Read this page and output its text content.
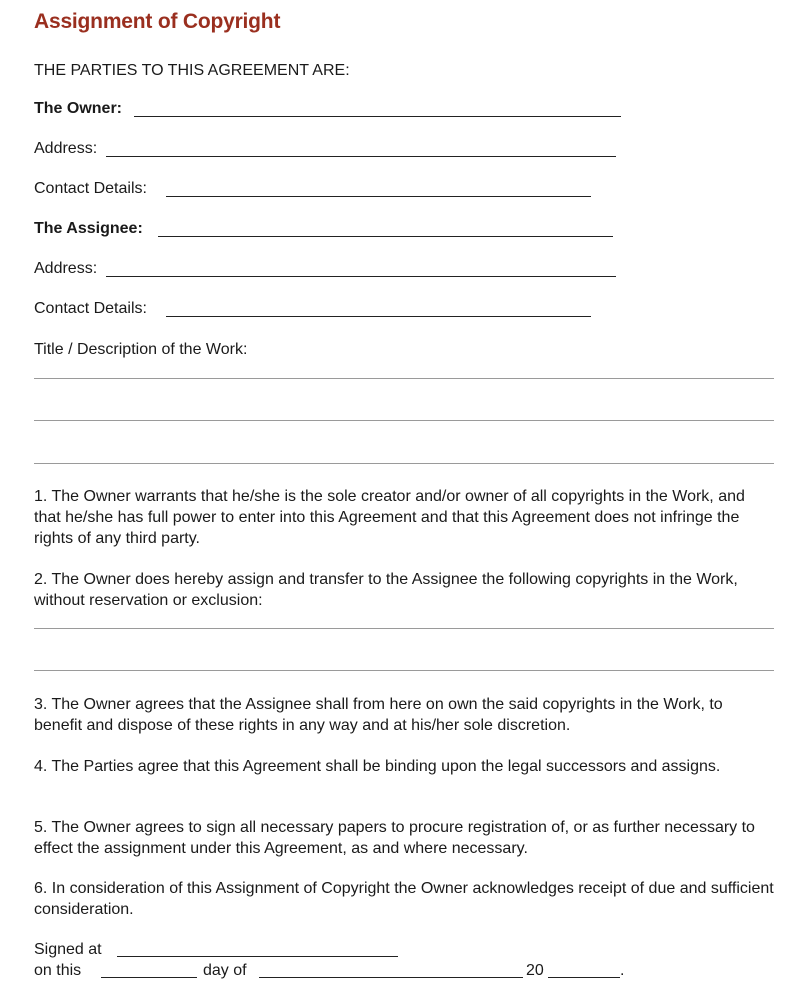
Assignment of Copyright
THE PARTIES TO THIS AGREEMENT ARE:
The Owner:
Address:
Contact Details:
The Assignee:
Address:
Contact Details:
Title / Description of the Work:
1. The Owner warrants that he/she is the sole creator and/or owner of all copyrights in the Work, and that he/she has full power to enter into this Agreement and that this Agreement does not infringe the rights of any third party.
2. The Owner does hereby assign and transfer to the Assignee the following copyrights in the Work, without reservation or exclusion:
3. The Owner agrees that the Assignee shall from here on own the said copyrights in the Work, to benefit and dispose of these rights in any way and at his/her sole discretion.
4. The Parties agree that this Agreement shall be binding upon the legal successors and assigns.
5. The Owner agrees to sign all necessary papers to procure registration of, or as further necessary to effect the assignment under this Agreement, as and where necessary.
6. In consideration of this Assignment of Copyright the Owner acknowledges receipt of due and sufficient consideration.
Signed at
on this	day of	20	.
